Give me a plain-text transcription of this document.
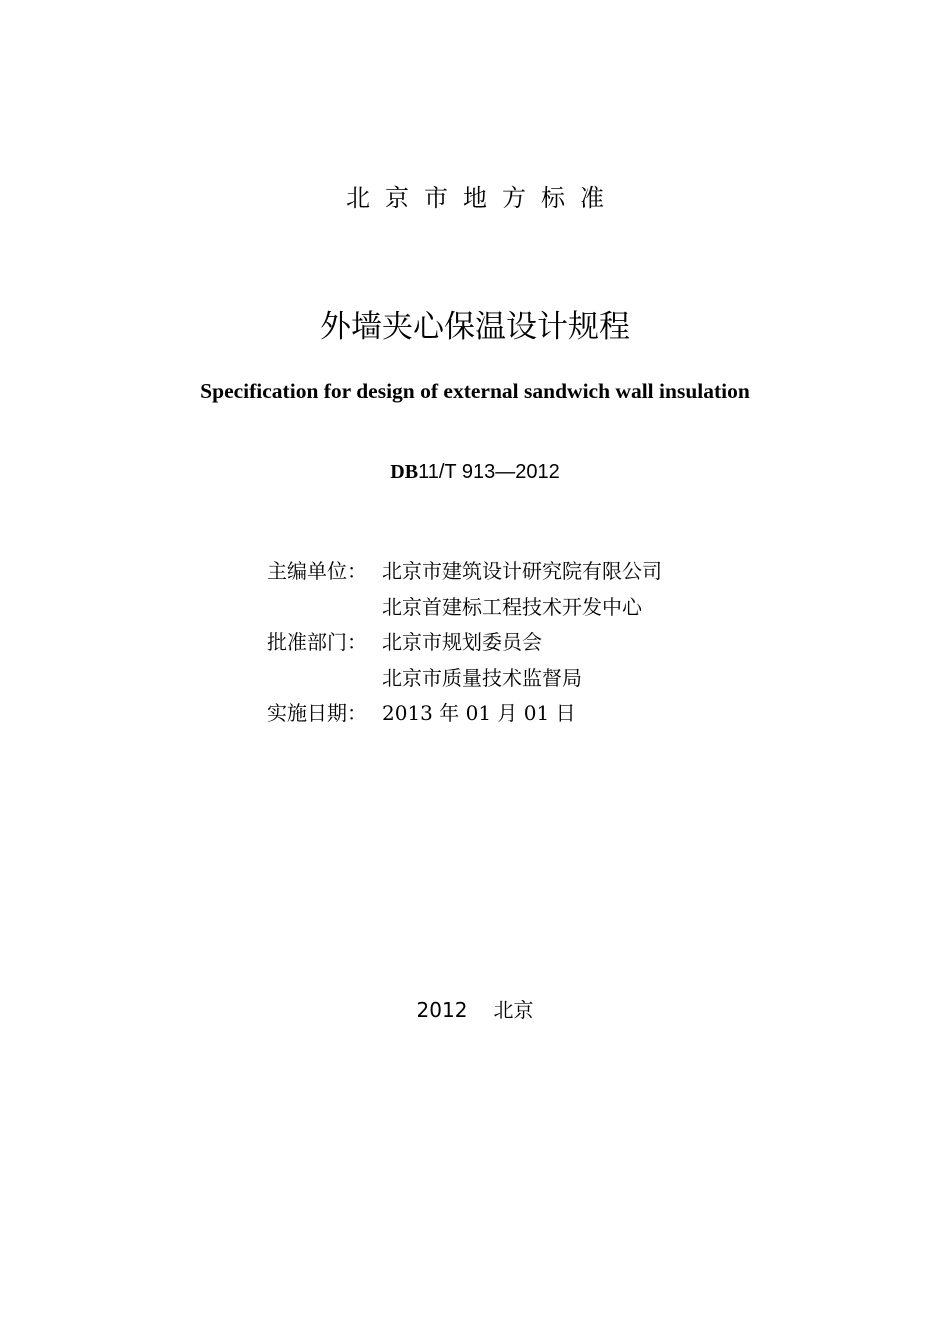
北京市地方标准
外墙夹心保温设计规程
Specification for design of external sandwich wall insulation
DB11/T 913—2012
主编单位： 北京市建筑设计研究院有限公司
北京首建标工程技术开发中心
批准部门： 北京市规划委员会
北京市质量技术监督局
实施日期： 2013 年 01 月 01 日
2012 北京
